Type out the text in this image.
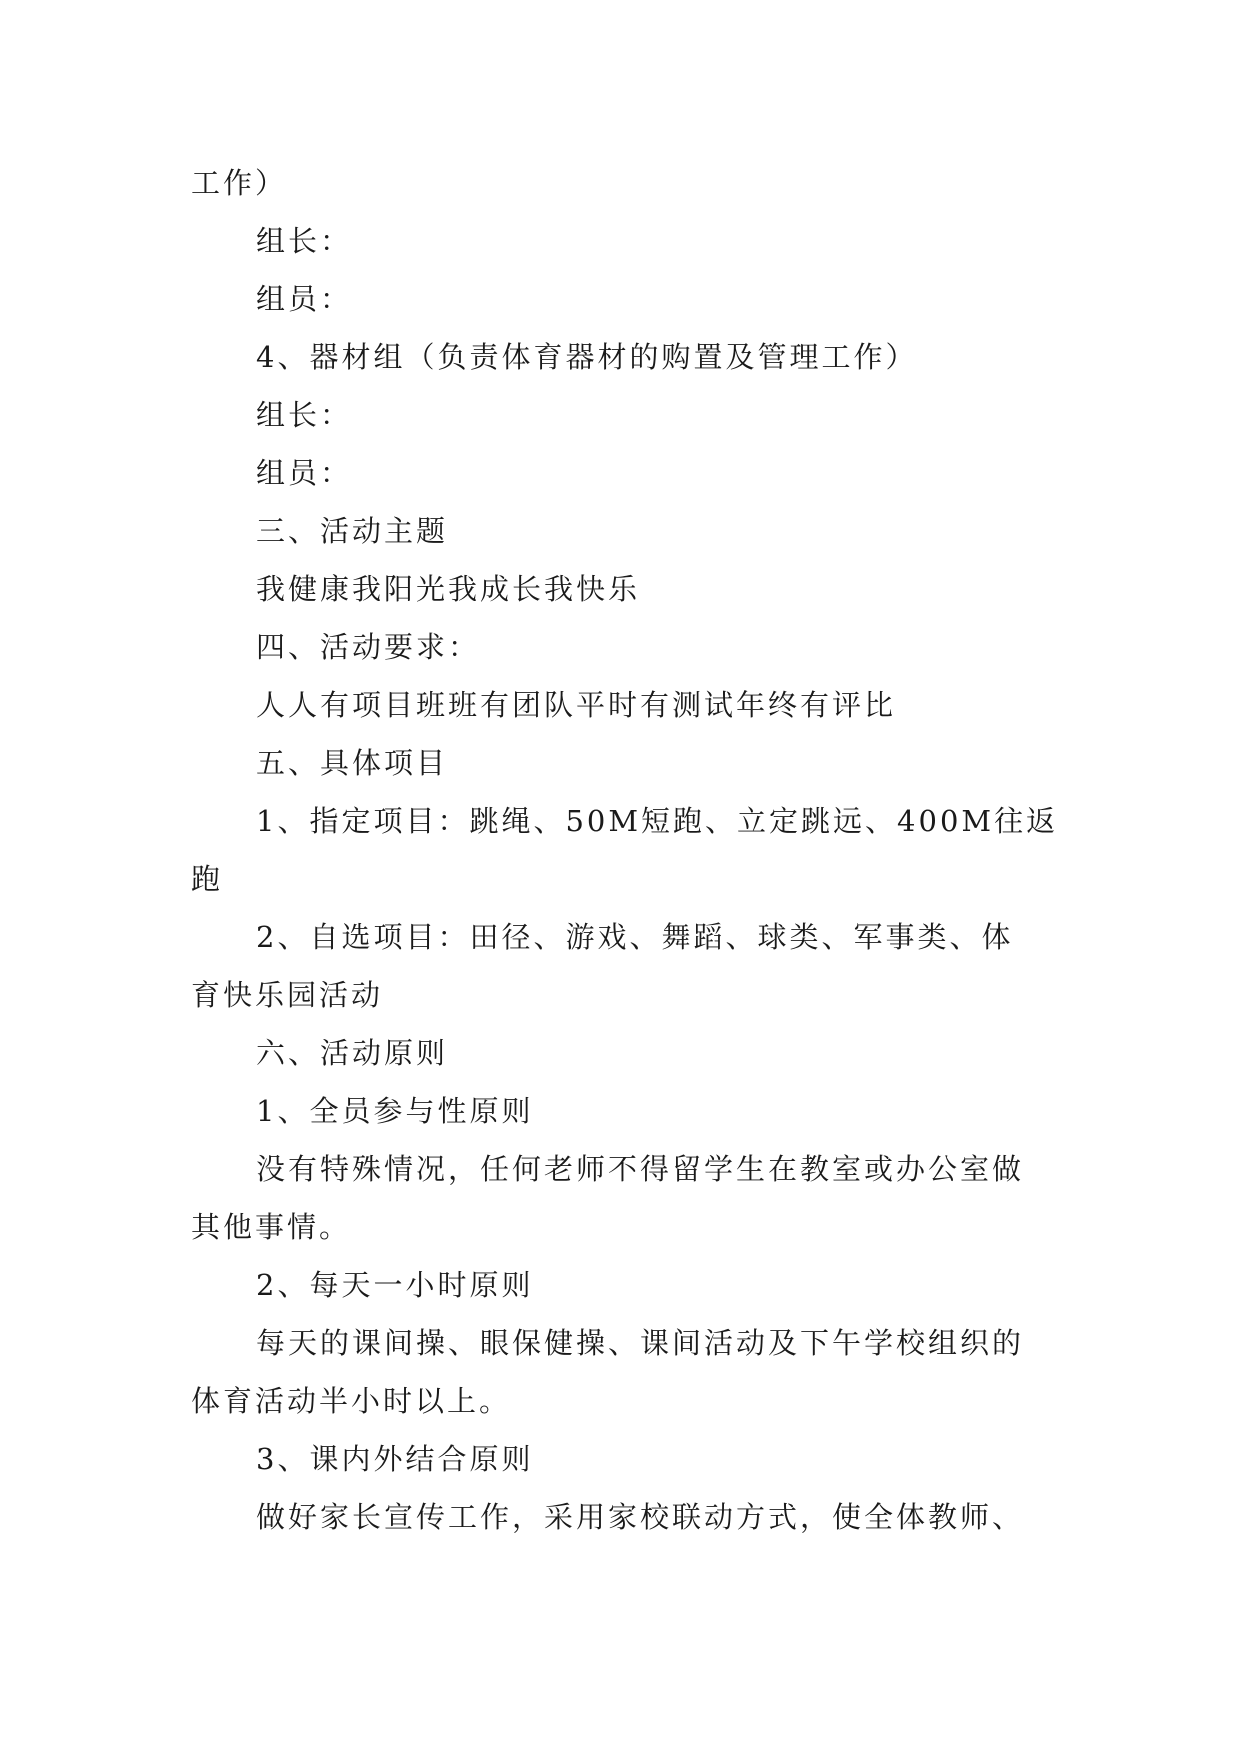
工作）

组长：

组员：

4、器材组（负责体育器材的购置及管理工作）

组长：

组员：

三、活动主题

我健康我阳光我成长我快乐

四、活动要求：

人人有项目班班有团队平时有测试年终有评比

五、具体项目

1、指定项目：跳绳、50M短跑、立定跳远、400M往返

跑

2、自选项目：田径、游戏、舞蹈、球类、军事类、体

育快乐园活动

六、活动原则

1、全员参与性原则

没有特殊情况，任何老师不得留学生在教室或办公室做

其他事情。

2、每天一小时原则

每天的课间操、眼保健操、课间活动及下午学校组织的

体育活动半小时以上。

3、课内外结合原则

做好家长宣传工作，采用家校联动方式，使全体教师、
